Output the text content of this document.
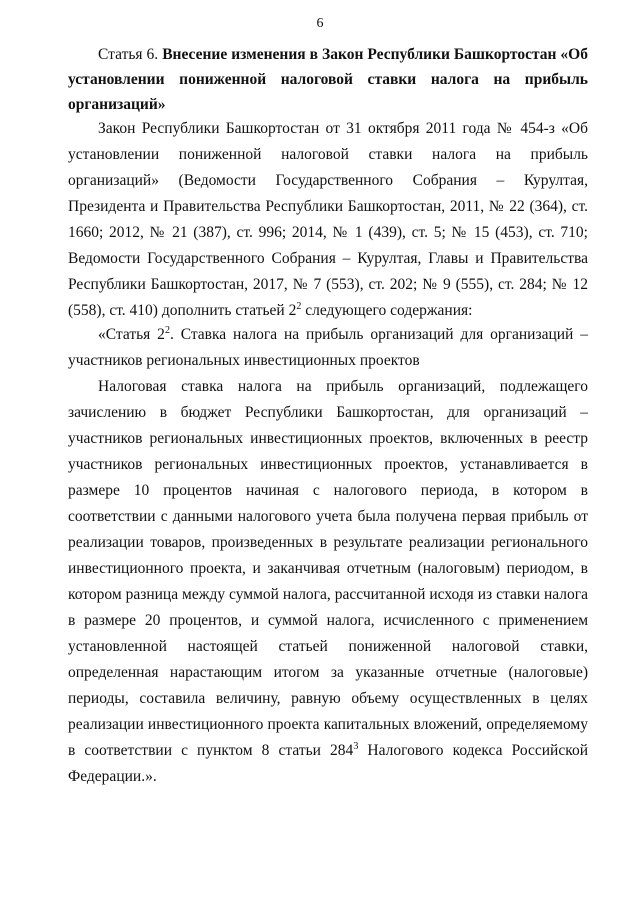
6
Статья 6. Внесение изменения в Закон Республики Башкортостан «Об установлении пониженной налоговой ставки налога на прибыль организаций»
Закон Республики Башкортостан от 31 октября 2011 года № 454-з «Об установлении пониженной налоговой ставки налога на прибыль организаций» (Ведомости Государственного Собрания – Курултая, Президента и Правительства Республики Башкортостан, 2011, № 22 (364), ст. 1660; 2012, № 21 (387), ст. 996; 2014, № 1 (439), ст. 5; № 15 (453), ст. 710; Ведомости Государственного Собрания – Курултая, Главы и Правительства Республики Башкортостан, 2017, № 7 (553), ст. 202; № 9 (555), ст. 284; № 12 (558), ст. 410) дополнить статьей $2^2$ следующего содержания:
«Статья $2^2$. Ставка налога на прибыль организаций для организаций – участников региональных инвестиционных проектов
Налоговая ставка налога на прибыль организаций, подлежащего зачислению в бюджет Республики Башкортостан, для организаций – участников региональных инвестиционных проектов, включенных в реестр участников региональных инвестиционных проектов, устанавливается в размере 10 процентов начиная с налогового периода, в котором в соответствии с данными налогового учета была получена первая прибыль от реализации товаров, произведенных в результате реализации регионального инвестиционного проекта, и заканчивая отчетным (налоговым) периодом, в котором разница между суммой налога, рассчитанной исходя из ставки налога в размере 20 процентов, и суммой налога, исчисленного с применением установленной настоящей статьей пониженной налоговой ставки, определенная нарастающим итогом за указанные отчетные (налоговые) периоды, составила величину, равную объему осуществленных в целях реализации инвестиционного проекта капитальных вложений, определяемому в соответствии с пунктом 8 статьи $284^3$ Налогового кодекса Российской Федерации.».
